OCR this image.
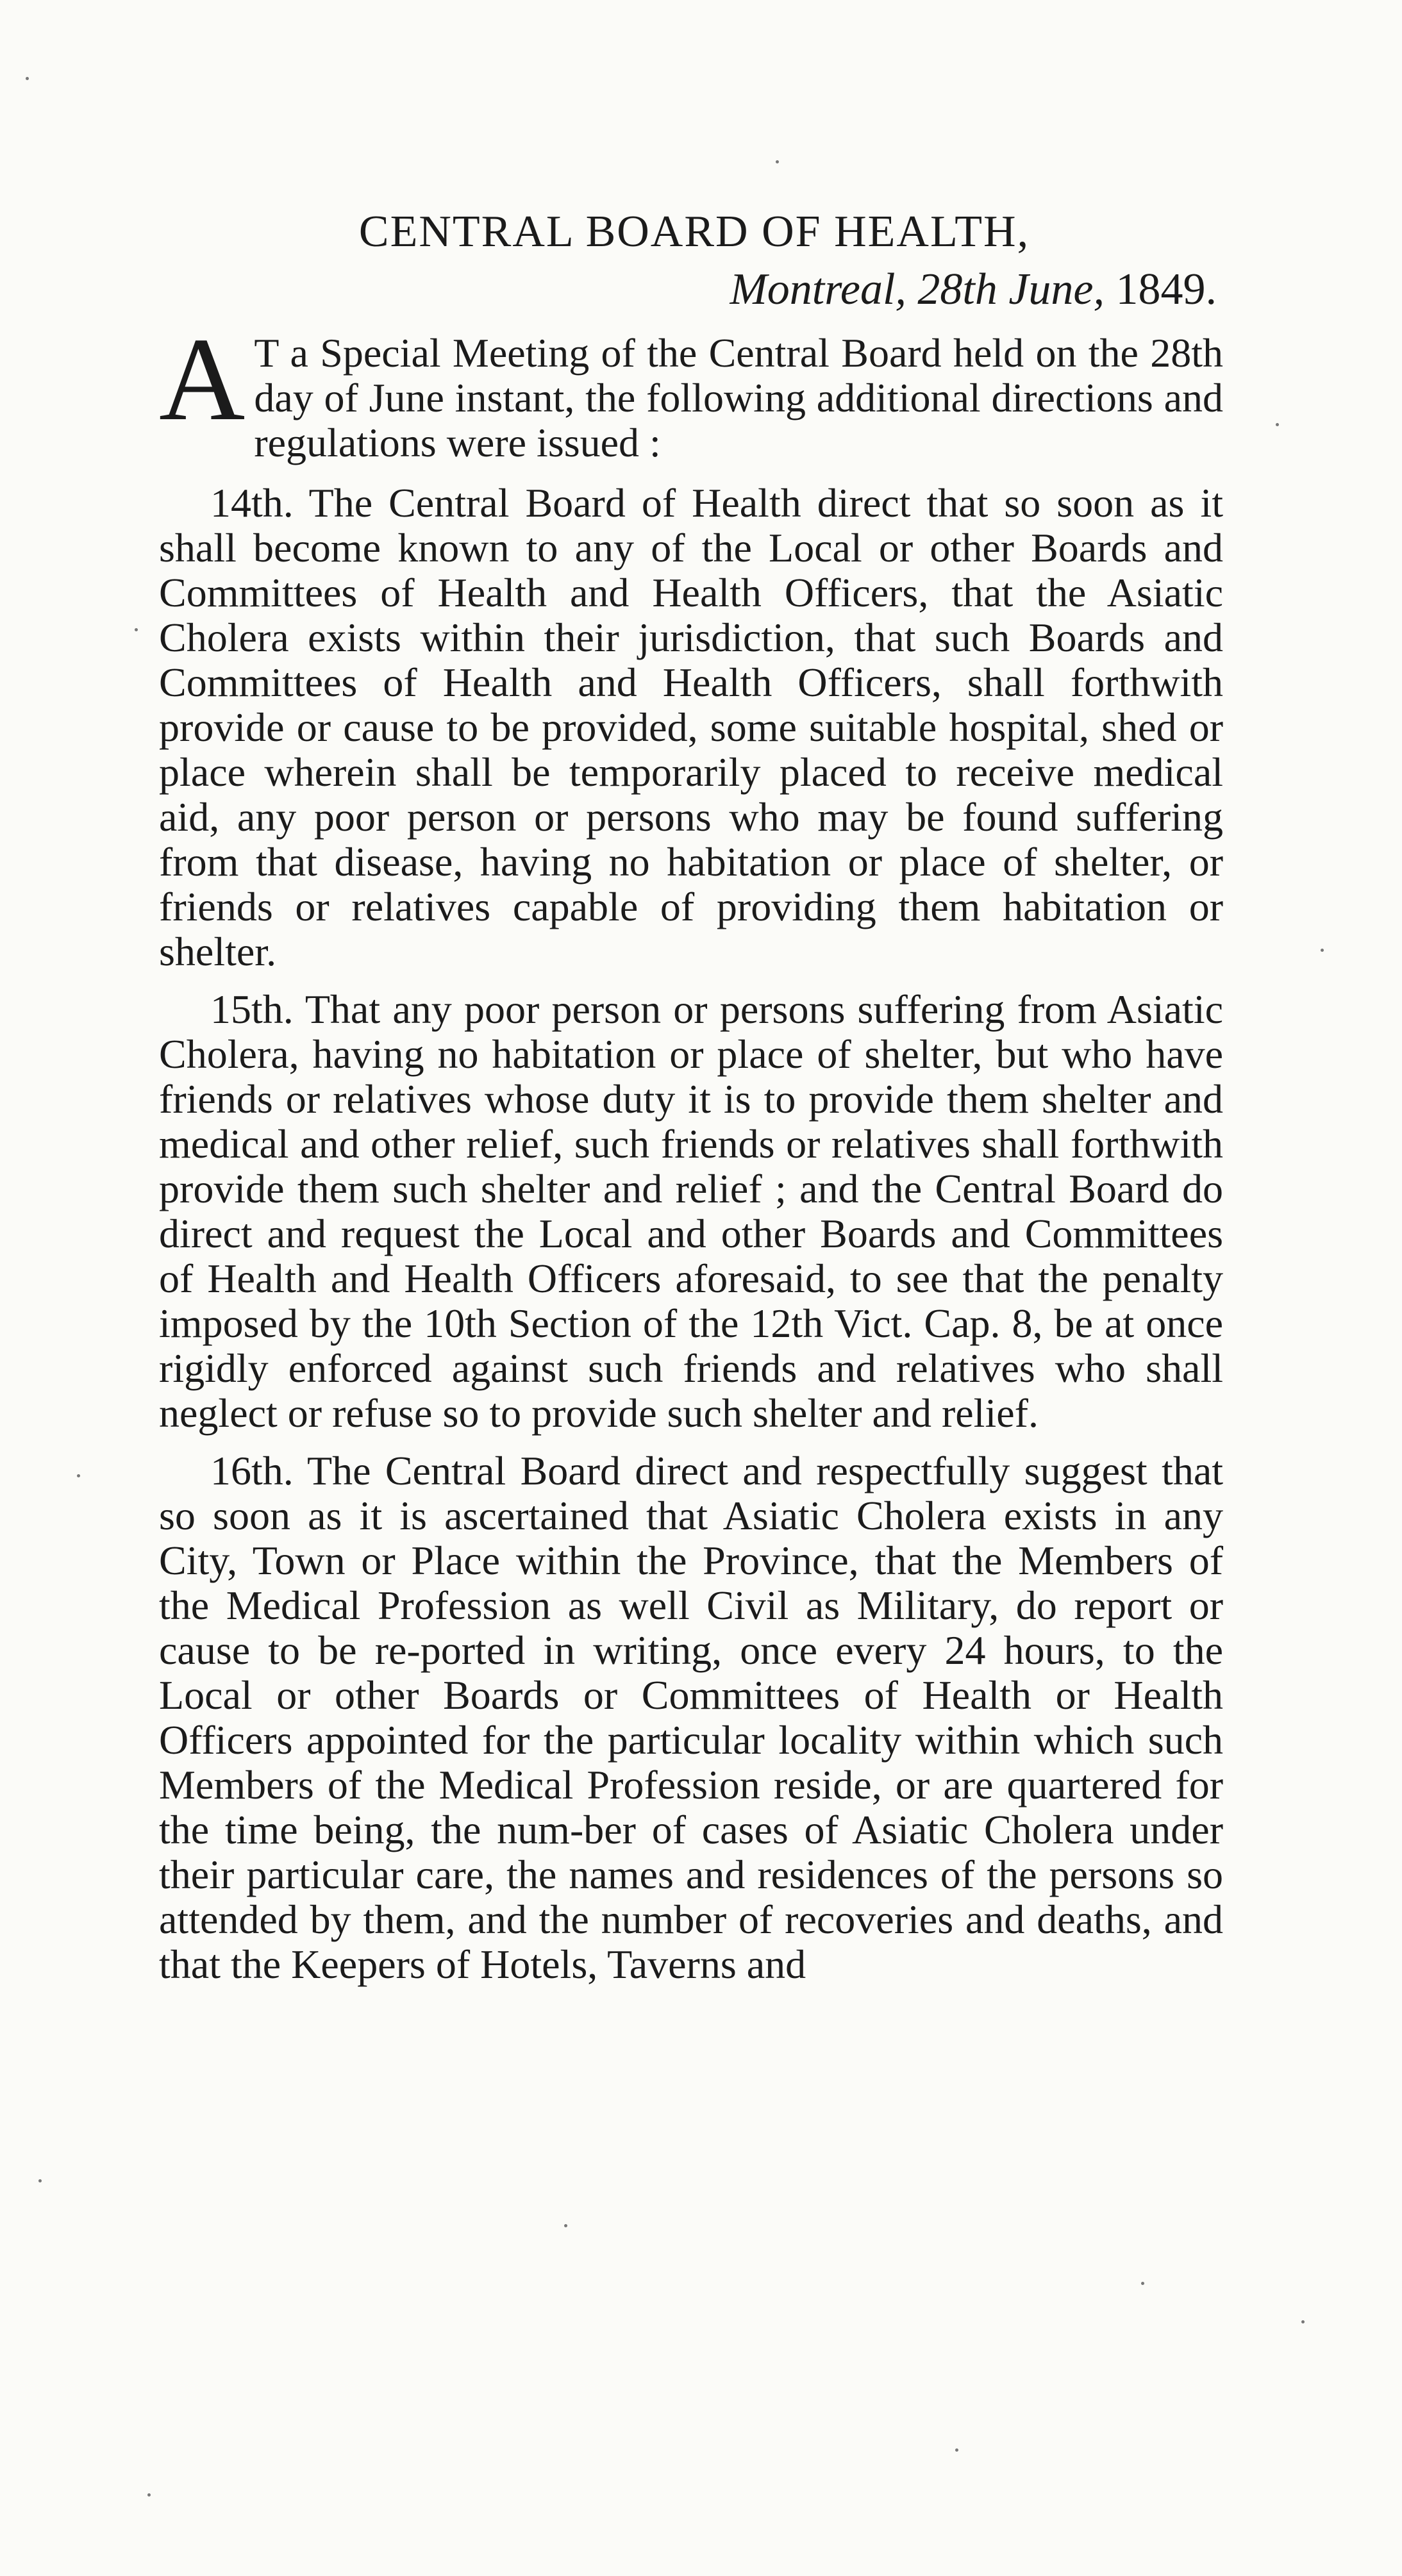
CENTRAL BOARD OF HEALTH,
Montreal, 28th June, 1849.

A T a Special Meeting of the Central Board held on the 28th day of June instant, the following additional directions and regulations were issued :

14th. The Central Board of Health direct that so soon as it shall become known to any of the Local or other Boards and Committees of Health and Health Officers, that the Asiatic Cholera exists within their jurisdiction, that such Boards and Committees of Health and Health Officers, shall forthwith provide or cause to be provided, some suitable hospital, shed or place wherein shall be temporarily placed to receive medical aid, any poor person or persons who may be found suffering from that disease, having no habitation or place of shelter, or friends or relatives capable of providing them habitation or shelter.

15th. That any poor person or persons suffering from Asiatic Cholera, having no habitation or place of shelter, but who have friends or relatives whose duty it is to provide them shelter and medical and other relief, such friends or relatives shall forthwith provide them such shelter and relief ; and the Central Board do direct and request the Local and other Boards and Committees of Health and Health Officers aforesaid, to see that the penalty imposed by the 10th Section of the 12th Vict. Cap. 8, be at once rigidly enforced against such friends and relatives who shall neglect or refuse so to provide such shelter and relief.

16th. The Central Board direct and respectfully suggest that so soon as it is ascertained that Asiatic Cholera exists in any City, Town or Place within the Province, that the Members of the Medical Profession as well Civil as Military, do report or cause to be re-ported in writing, once every 24 hours, to the Local or other Boards or Committees of Health or Health Officers appointed for the particular locality within which such Members of the Medical Profession reside, or are quartered for the time being, the num-ber of cases of Asiatic Cholera under their particular care, the names and residences of the persons so attended by them, and the number of recoveries and deaths, and that the Keepers of Hotels, Taverns and
